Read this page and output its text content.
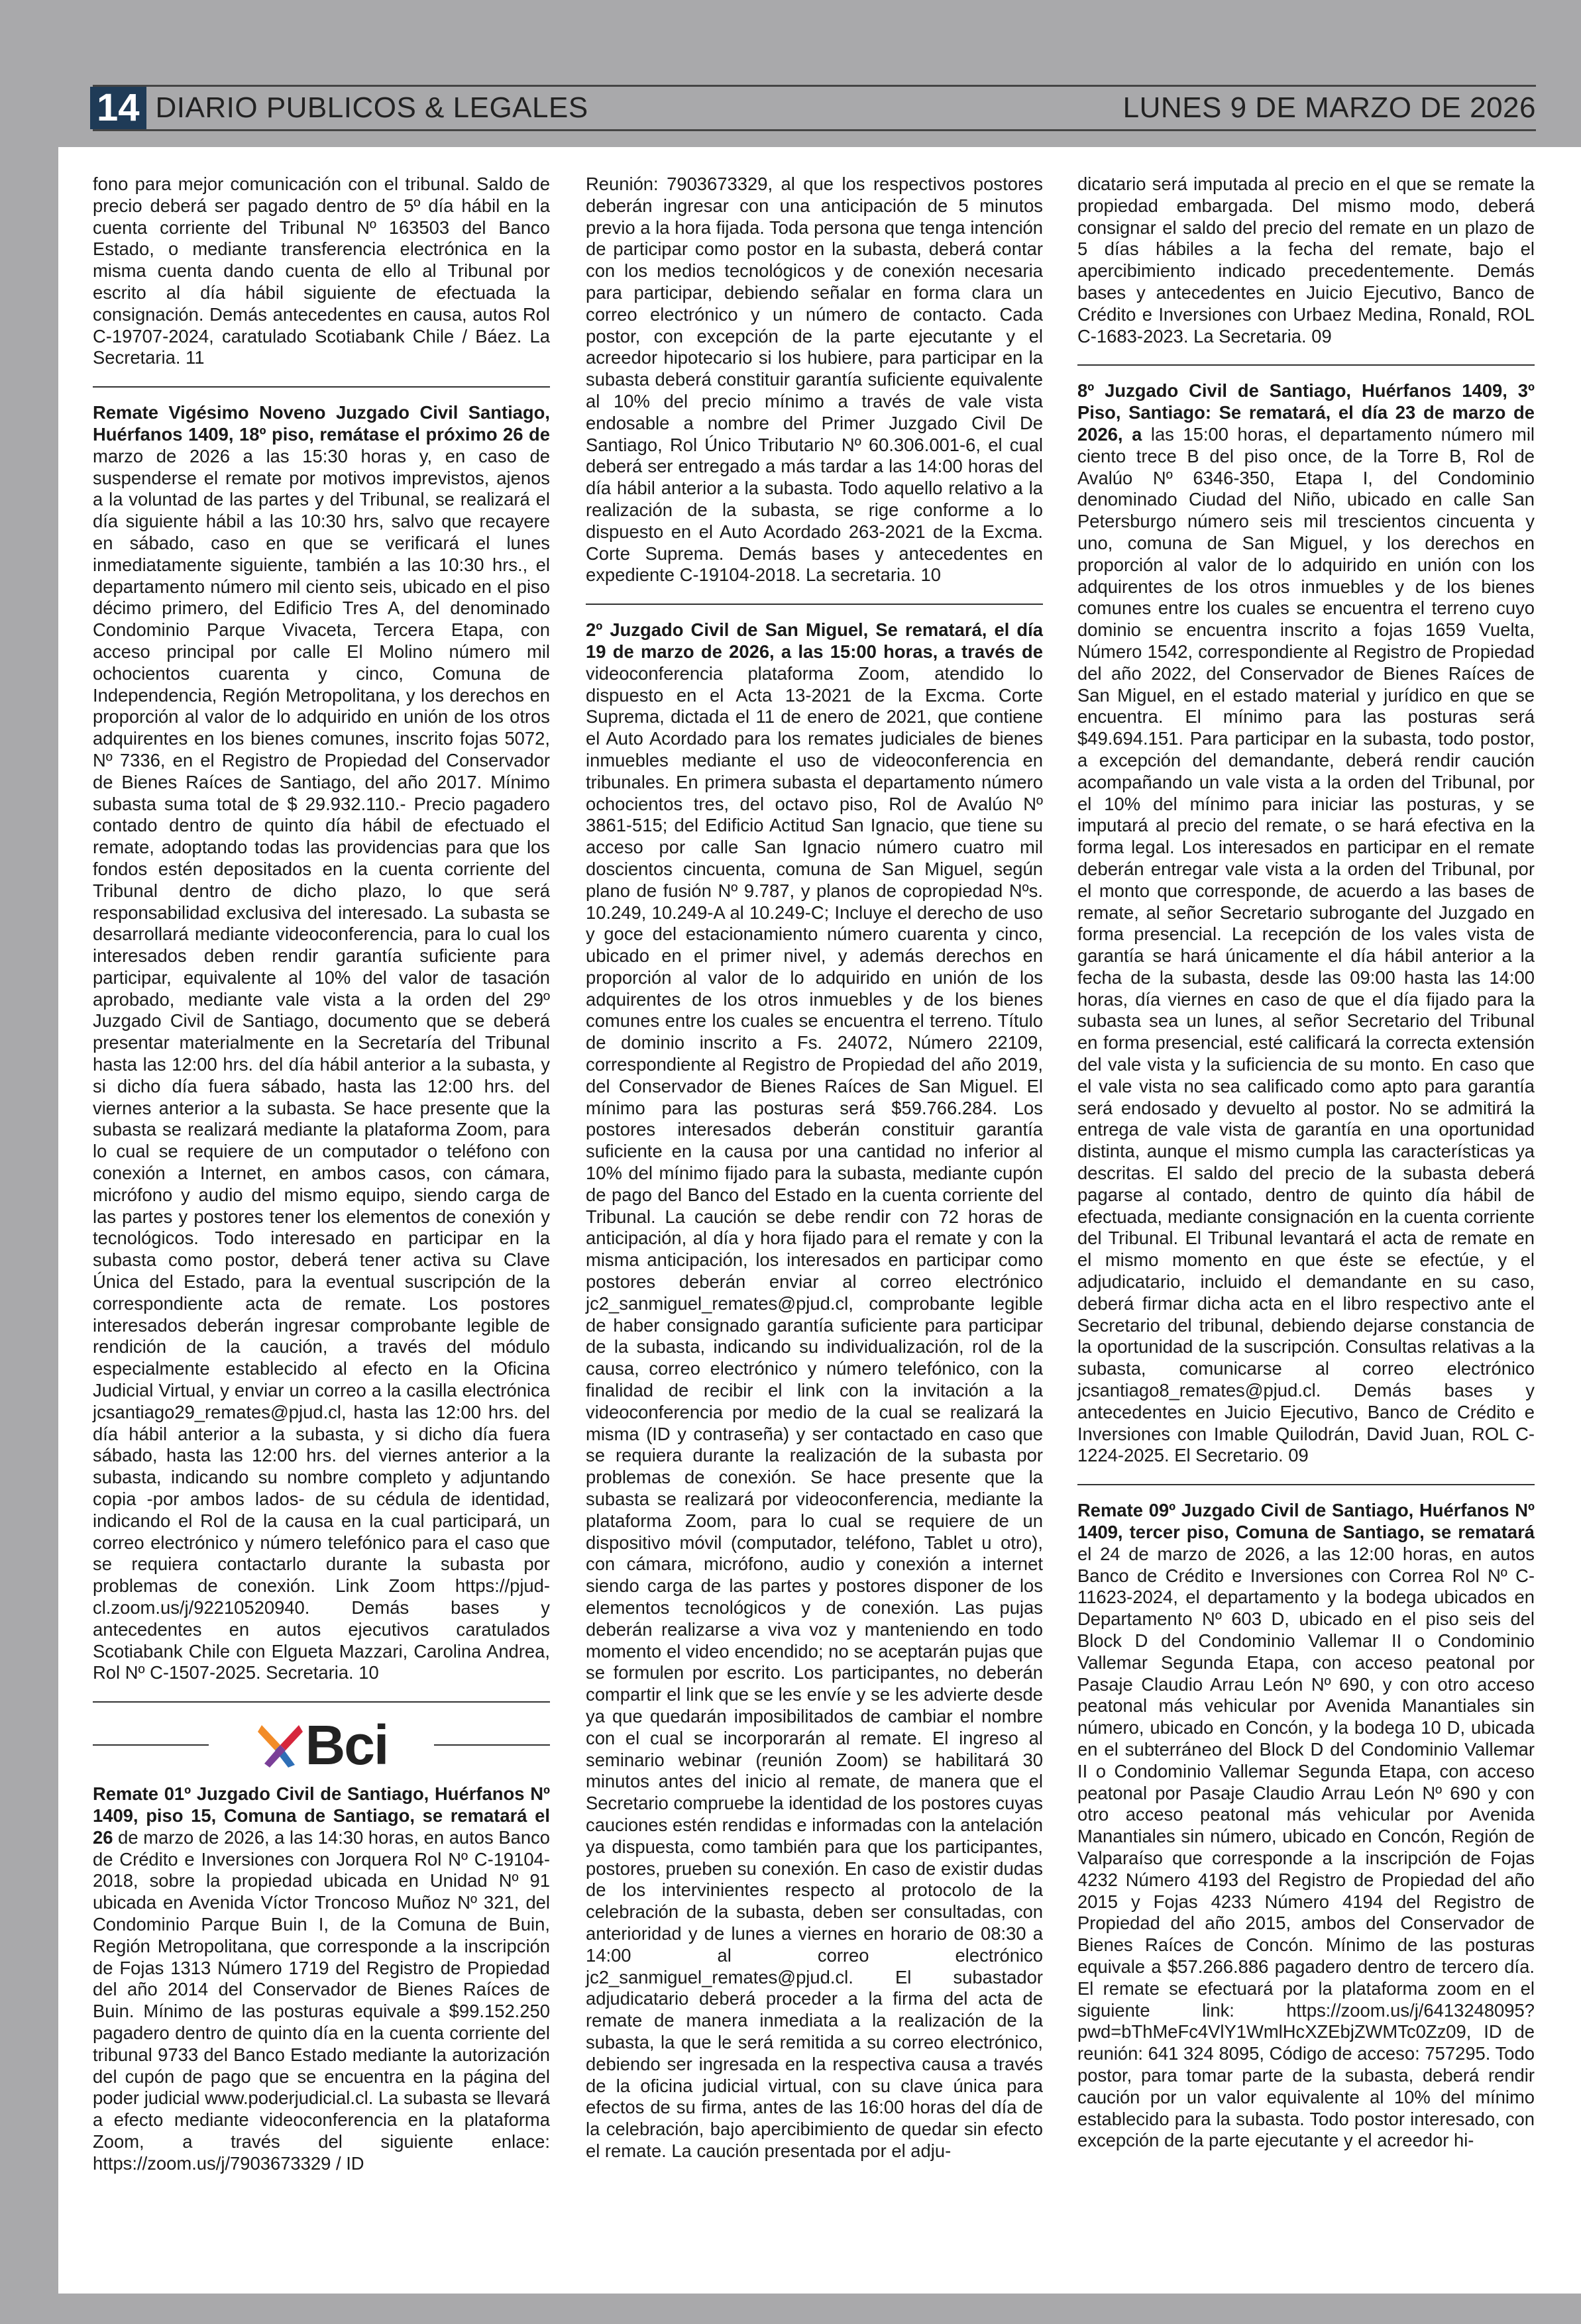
14 DIARIO PUBLICOS & LEGALES	LUNES 9 DE MARZO DE 2026

fono para mejor comunicación con el tribunal. Saldo de precio deberá ser pagado dentro de 5º día hábil en la cuenta corriente del Tribunal Nº 163503 del Banco Estado, o mediante transferencia electrónica en la misma cuenta dando cuenta de ello al Tribunal por escrito al día hábil siguiente de efectuada la consignación. Demás antecedentes en causa, autos Rol C-19707-2024, caratulado Scotiabank Chile / Báez. La Secretaria. 11

Remate Vigésimo Noveno Juzgado Civil Santiago, Huérfanos 1409, 18º piso, remátase el próximo 26 de marzo de 2026 a las 15:30 horas y, en caso de suspenderse el remate por motivos imprevistos, ajenos a la voluntad de las partes y del Tribunal, se realizará el día siguiente hábil a las 10:30 hrs, salvo que recayere en sábado, caso en que se verificará el lunes inmediatamente siguiente, también a las 10:30 hrs., el departamento número mil ciento seis, ubicado en el piso décimo primero, del Edificio Tres A, del denominado Condominio Parque Vivaceta, Tercera Etapa, con acceso principal por calle El Molino número mil ochocientos cuarenta y cinco, Comuna de Independencia, Región Metropolitana, y los derechos en proporción al valor de lo adquirido en unión de los otros adquirentes en los bienes comunes, inscrito fojas 5072, Nº 7336, en el Registro de Propiedad del Conservador de Bienes Raíces de Santiago, del año 2017. Mínimo subasta suma total de $ 29.932.110.- Precio pagadero contado dentro de quinto día hábil de efectuado el remate, adoptando todas las providencias para que los fondos estén depositados en la cuenta corriente del Tribunal dentro de dicho plazo, lo que será responsabilidad exclusiva del interesado. La subasta se desarrollará mediante videoconferencia, para lo cual los interesados deben rendir garantía suficiente para participar, equivalente al 10% del valor de tasación aprobado, mediante vale vista a la orden del 29º Juzgado Civil de Santiago, documento que se deberá presentar materialmente en la Secretaría del Tribunal hasta las 12:00 hrs. del día hábil anterior a la subasta, y si dicho día fuera sábado, hasta las 12:00 hrs. del viernes anterior a la subasta. Se hace presente que la subasta se realizará mediante la plataforma Zoom, para lo cual se requiere de un computador o teléfono con conexión a Internet, en ambos casos, con cámara, micrófono y audio del mismo equipo, siendo carga de las partes y postores tener los elementos de conexión y tecnológicos. Todo interesado en participar en la subasta como postor, deberá tener activa su Clave Única del Estado, para la eventual suscripción de la correspondiente acta de remate. Los postores interesados deberán ingresar comprobante legible de rendición de la caución, a través del módulo especialmente establecido al efecto en la Oficina Judicial Virtual, y enviar un correo a la casilla electrónica jcsantiago29_remates@pjud.cl, hasta las 12:00 hrs. del día hábil anterior a la subasta, y si dicho día fuera sábado, hasta las 12:00 hrs. del viernes anterior a la subasta, indicando su nombre completo y adjuntando copia -por ambos lados- de su cédula de identidad, indicando el Rol de la causa en la cual participará, un correo electrónico y número telefónico para el caso que se requiera contactarlo durante la subasta por problemas de conexión. Link Zoom https://pjud-cl.zoom.us/j/92210520940. Demás bases y antecedentes en autos ejecutivos caratulados Scotiabank Chile con Elgueta Mazzari, Carolina Andrea, Rol Nº C-1507-2025. Secretaria. 10

Bci

Remate 01º Juzgado Civil de Santiago, Huérfanos Nº 1409, piso 15, Comuna de Santiago, se rematará el 26 de marzo de 2026, a las 14:30 horas, en autos Banco de Crédito e Inversiones con Jorquera Rol Nº C-19104-2018, sobre la propiedad ubicada en Unidad Nº 91 ubicada en Avenida Víctor Troncoso Muñoz Nº 321, del Condominio Parque Buin I, de la Comuna de Buin, Región Metropolitana, que corresponde a la inscripción de Fojas 1313 Número 1719 del Registro de Propiedad del año 2014 del Conservador de Bienes Raíces de Buin. Mínimo de las posturas equivale a $99.152.250 pagadero dentro de quinto día en la cuenta corriente del tribunal 9733 del Banco Estado mediante la autorización del cupón de pago que se encuentra en la página del poder judicial www.poderjudicial.cl. La subasta se llevará a efecto mediante videoconferencia en la plataforma Zoom, a través del siguiente enlace: https://zoom.us/j/7903673329 / ID

Reunión: 7903673329, al que los respectivos postores deberán ingresar con una anticipación de 5 minutos previo a la hora fijada. Toda persona que tenga intención de participar como postor en la subasta, deberá contar con los medios tecnológicos y de conexión necesaria para participar, debiendo señalar en forma clara un correo electrónico y un número de contacto. Cada postor, con excepción de la parte ejecutante y el acreedor hipotecario si los hubiere, para participar en la subasta deberá constituir garantía suficiente equivalente al 10% del precio mínimo a través de vale vista endosable a nombre del Primer Juzgado Civil De Santiago, Rol Único Tributario Nº 60.306.001-6, el cual deberá ser entregado a más tardar a las 14:00 horas del día hábil anterior a la subasta. Todo aquello relativo a la realización de la subasta, se rige conforme a lo dispuesto en el Auto Acordado 263-2021 de la Excma. Corte Suprema. Demás bases y antecedentes en expediente C-19104-2018. La secretaria. 10

2º Juzgado Civil de San Miguel, Se rematará, el día 19 de marzo de 2026, a las 15:00 horas, a través de videoconferencia plataforma Zoom, atendido lo dispuesto en el Acta 13-2021 de la Excma. Corte Suprema, dictada el 11 de enero de 2021, que contiene el Auto Acordado para los remates judiciales de bienes inmuebles mediante el uso de videoconferencia en tribunales. En primera subasta el departamento número ochocientos tres, del octavo piso, Rol de Avalúo Nº 3861-515; del Edificio Actitud San Ignacio, que tiene su acceso por calle San Ignacio número cuatro mil doscientos cincuenta, comuna de San Miguel, según plano de fusión Nº 9.787, y planos de copropiedad Nºs. 10.249, 10.249-A al 10.249-C; Incluye el derecho de uso y goce del estacionamiento número cuarenta y cinco, ubicado en el primer nivel, y además derechos en proporción al valor de lo adquirido en unión de los adquirentes de los otros inmuebles y de los bienes comunes entre los cuales se encuentra el terreno. Título de dominio inscrito a Fs. 24072, Número 22109, correspondiente al Registro de Propiedad del año 2019, del Conservador de Bienes Raíces de San Miguel. El mínimo para las posturas será $59.766.284. Los postores interesados deberán constituir garantía suficiente en la causa por una cantidad no inferior al 10% del mínimo fijado para la subasta, mediante cupón de pago del Banco del Estado en la cuenta corriente del Tribunal. La caución se debe rendir con 72 horas de anticipación, al día y hora fijado para el remate y con la misma anticipación, los interesados en participar como postores deberán enviar al correo electrónico jc2_sanmiguel_remates@pjud.cl, comprobante legible de haber consignado garantía suficiente para participar de la subasta, indicando su individualización, rol de la causa, correo electrónico y número telefónico, con la finalidad de recibir el link con la invitación a la videoconferencia por medio de la cual se realizará la misma (ID y contraseña) y ser contactado en caso que se requiera durante la realización de la subasta por problemas de conexión. Se hace presente que la subasta se realizará por videoconferencia, mediante la plataforma Zoom, para lo cual se requiere de un dispositivo móvil (computador, teléfono, Tablet u otro), con cámara, micrófono, audio y conexión a internet siendo carga de las partes y postores disponer de los elementos tecnológicos y de conexión. Las pujas deberán realizarse a viva voz y manteniendo en todo momento el video encendido; no se aceptarán pujas que se formulen por escrito. Los participantes, no deberán compartir el link que se les envíe y se les advierte desde ya que quedarán imposibilitados de cambiar el nombre con el cual se incorporarán al remate. El ingreso al seminario webinar (reunión Zoom) se habilitará 30 minutos antes del inicio al remate, de manera que el Secretario compruebe la identidad de los postores cuyas cauciones estén rendidas e informadas con la antelación ya dispuesta, como también para que los participantes, postores, prueben su conexión. En caso de existir dudas de los intervinientes respecto al protocolo de la celebración de la subasta, deben ser consultadas, con anterioridad y de lunes a viernes en horario de 08:30 a 14:00 al correo electrónico jc2_sanmiguel_remates@pjud.cl. El subastador adjudicatario deberá proceder a la firma del acta de remate de manera inmediata a la realización de la subasta, la que le será remitida a su correo electrónico, debiendo ser ingresada en la respectiva causa a través de la oficina judicial virtual, con su clave única para efectos de su firma, antes de las 16:00 horas del día de la celebración, bajo apercibimiento de quedar sin efecto el remate. La caución presentada por el adju-

dicatario será imputada al precio en el que se remate la propiedad embargada. Del mismo modo, deberá consignar el saldo del precio del remate en un plazo de 5 días hábiles a la fecha del remate, bajo el apercibimiento indicado precedentemente. Demás bases y antecedentes en Juicio Ejecutivo, Banco de Crédito e Inversiones con Urbaez Medina, Ronald, ROL C-1683-2023. La Secretaria. 09

8º Juzgado Civil de Santiago, Huérfanos 1409, 3º Piso, Santiago: Se rematará, el día 23 de marzo de 2026, a las 15:00 horas, el departamento número mil ciento trece B del piso once, de la Torre B, Rol de Avalúo Nº 6346-350, Etapa I, del Condominio denominado Ciudad del Niño, ubicado en calle San Petersburgo número seis mil trescientos cincuenta y uno, comuna de San Miguel, y los derechos en proporción al valor de lo adquirido en unión con los adquirentes de los otros inmuebles y de los bienes comunes entre los cuales se encuentra el terreno cuyo dominio se encuentra inscrito a fojas 1659 Vuelta, Número 1542, correspondiente al Registro de Propiedad del año 2022, del Conservador de Bienes Raíces de San Miguel, en el estado material y jurídico en que se encuentra. El mínimo para las posturas será $49.694.151. Para participar en la subasta, todo postor, a excepción del demandante, deberá rendir caución acompañando un vale vista a la orden del Tribunal, por el 10% del mínimo para iniciar las posturas, y se imputará al precio del remate, o se hará efectiva en la forma legal. Los interesados en participar en el remate deberán entregar vale vista a la orden del Tribunal, por el monto que corresponde, de acuerdo a las bases de remate, al señor Secretario subrogante del Juzgado en forma presencial. La recepción de los vales vista de garantía se hará únicamente el día hábil anterior a la fecha de la subasta, desde las 09:00 hasta las 14:00 horas, día viernes en caso de que el día fijado para la subasta sea un lunes, al señor Secretario del Tribunal en forma presencial, esté calificará la correcta extensión del vale vista y la suficiencia de su monto. En caso que el vale vista no sea calificado como apto para garantía será endosado y devuelto al postor. No se admitirá la entrega de vale vista de garantía en una oportunidad distinta, aunque el mismo cumpla las características ya descritas. El saldo del precio de la subasta deberá pagarse al contado, dentro de quinto día hábil de efectuada, mediante consignación en la cuenta corriente del Tribunal. El Tribunal levantará el acta de remate en el mismo momento en que éste se efectúe, y el adjudicatario, incluido el demandante en su caso, deberá firmar dicha acta en el libro respectivo ante el Secretario del tribunal, debiendo dejarse constancia de la oportunidad de la suscripción. Consultas relativas a la subasta, comunicarse al correo electrónico jcsantiago8_remates@pjud.cl. Demás bases y antecedentes en Juicio Ejecutivo, Banco de Crédito e Inversiones con Imable Quilodrán, David Juan, ROL C-1224-2025. El Secretario. 09

Remate 09º Juzgado Civil de Santiago, Huérfanos Nº 1409, tercer piso, Comuna de Santiago, se rematará el 24 de marzo de 2026, a las 12:00 horas, en autos Banco de Crédito e Inversiones con Correa Rol Nº C-11623-2024, el departamento y la bodega ubicados en Departamento Nº 603 D, ubicado en el piso seis del Block D del Condominio Vallemar II o Condominio Vallemar Segunda Etapa, con acceso peatonal por Pasaje Claudio Arrau León Nº 690, y con otro acceso peatonal más vehicular por Avenida Manantiales sin número, ubicado en Concón, y la bodega 10 D, ubicada en el subterráneo del Block D del Condominio Vallemar II o Condominio Vallemar Segunda Etapa, con acceso peatonal por Pasaje Claudio Arrau León Nº 690 y con otro acceso peatonal más vehicular por Avenida Manantiales sin número, ubicado en Concón, Región de Valparaíso que corresponde a la inscripción de Fojas 4232 Número 4193 del Registro de Propiedad del año 2015 y Fojas 4233 Número 4194 del Registro de Propiedad del año 2015, ambos del Conservador de Bienes Raíces de Concón. Mínimo de las posturas equivale a $57.266.886 pagadero dentro de tercero día. El remate se efectuará por la plataforma zoom en el siguiente link: https://zoom.us/j/6413248095?pwd=bThMeFc4VlY1WmlHcXZEbjZWMTc0Zz09, ID de reunión: 641 324 8095, Código de acceso: 757295. Todo postor, para tomar parte de la subasta, deberá rendir caución por un valor equivalente al 10% del mínimo establecido para la subasta. Todo postor interesado, con excepción de la parte ejecutante y el acreedor hi-
